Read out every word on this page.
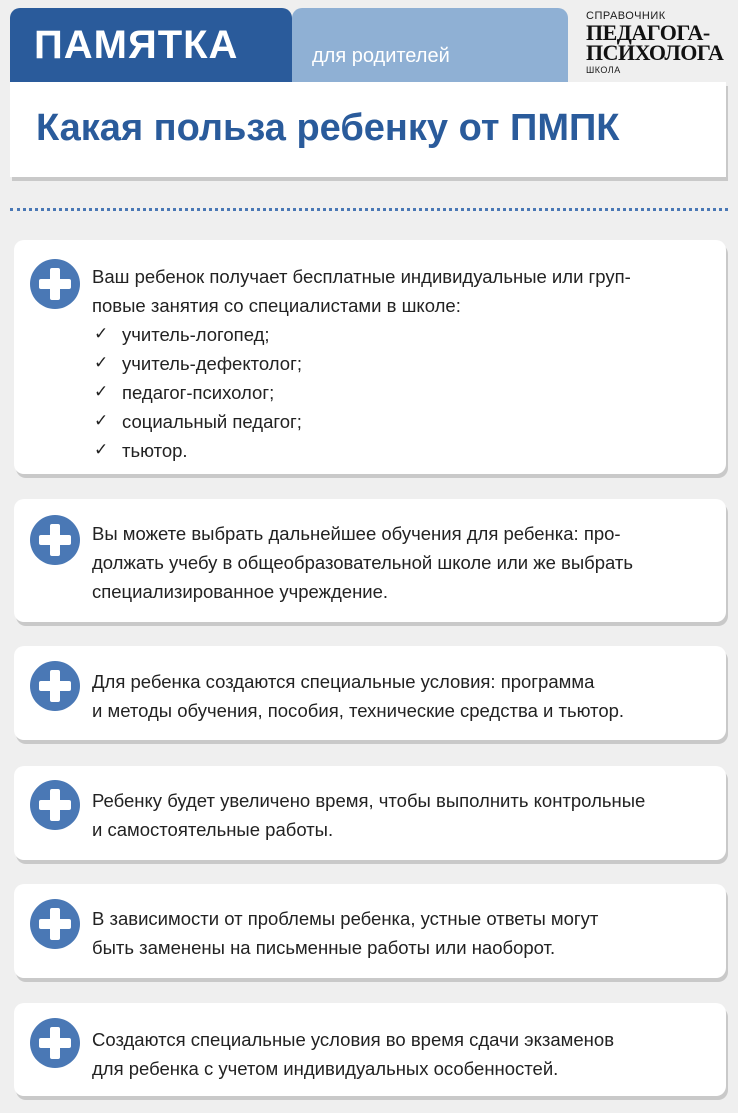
ПАМЯТКА	для родителей
СПРАВОЧНИК
ПЕДАГОГА-
ПСИХОЛОГА
ШКОЛА
Какая польза ребенку от ПМПК

Ваш ребенок получает бесплатные индивидуальные или груп-
повые занятия со специалистами в школе:

✓ учитель-логопед;
✓ учитель-дефектолог;
✓ педагог-психолог;
✓ социальный педагог;
✓ тьютор.

Вы можете выбрать дальнейшее обучения для ребенка: про-
должать учебу в общеобразовательной школе или же выбрать
специализированное учреждение.

Для ребенка создаются специальные условия: программа
и методы обучения, пособия, технические средства и тьютор.

Ребенку будет увеличено время, чтобы выполнить контрольные
и самостоятельные работы.

В зависимости от проблемы ребенка, устные ответы могут
быть заменены на письменные работы или наоборот.

Создаются специальные условия во время сдачи экзаменов
для ребенка с учетом индивидуальных особенностей.
